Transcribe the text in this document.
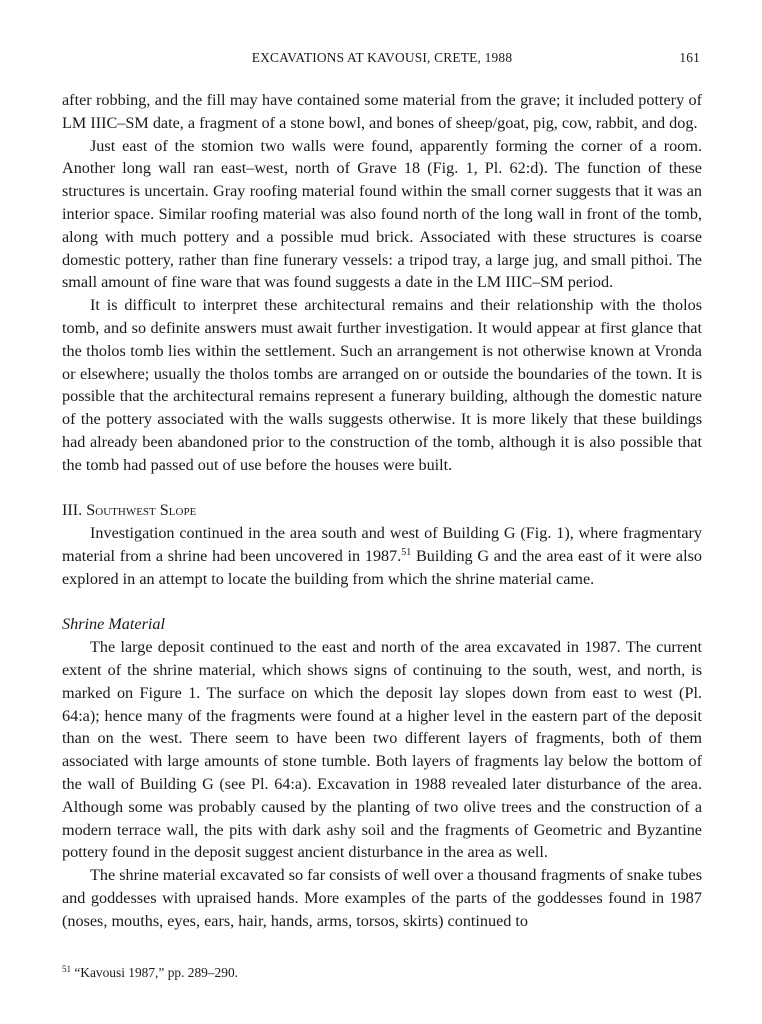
EXCAVATIONS AT KAVOUSI, CRETE, 1988	161

after robbing, and the fill may have contained some material from the grave; it included pottery of LM IIIC–SM date, a fragment of a stone bowl, and bones of sheep/goat, pig, cow, rabbit, and dog.

Just east of the stomion two walls were found, apparently forming the corner of a room. Another long wall ran east–west, north of Grave 18 (Fig. 1, Pl. 62:d). The function of these structures is uncertain. Gray roofing material found within the small corner suggests that it was an interior space. Similar roofing material was also found north of the long wall in front of the tomb, along with much pottery and a possible mud brick. Associated with these structures is coarse domestic pottery, rather than fine funerary vessels: a tripod tray, a large jug, and small pithoi. The small amount of fine ware that was found suggests a date in the LM IIIC–SM period.

It is difficult to interpret these architectural remains and their relationship with the tholos tomb, and so definite answers must await further investigation. It would appear at first glance that the tholos tomb lies within the settlement. Such an arrangement is not otherwise known at Vronda or elsewhere; usually the tholos tombs are arranged on or outside the boundaries of the town. It is possible that the architectural remains represent a funerary building, although the domestic nature of the pottery associated with the walls suggests otherwise. It is more likely that these buildings had already been abandoned prior to the construction of the tomb, although it is also possible that the tomb had passed out of use before the houses were built.

III. Southwest Slope

Investigation continued in the area south and west of Building G (Fig. 1), where fragmentary material from a shrine had been uncovered in 1987.51 Building G and the area east of it were also explored in an attempt to locate the building from which the shrine material came.

Shrine Material

The large deposit continued to the east and north of the area excavated in 1987. The current extent of the shrine material, which shows signs of continuing to the south, west, and north, is marked on Figure 1. The surface on which the deposit lay slopes down from east to west (Pl. 64:a); hence many of the fragments were found at a higher level in the eastern part of the deposit than on the west. There seem to have been two different layers of fragments, both of them associated with large amounts of stone tumble. Both layers of fragments lay below the bottom of the wall of Building G (see Pl. 64:a). Excavation in 1988 revealed later disturbance of the area. Although some was probably caused by the planting of two olive trees and the construction of a modern terrace wall, the pits with dark ashy soil and the fragments of Geometric and Byzantine pottery found in the deposit suggest ancient disturbance in the area as well.

The shrine material excavated so far consists of well over a thousand fragments of snake tubes and goddesses with upraised hands. More examples of the parts of the goddesses found in 1987 (noses, mouths, eyes, ears, hair, hands, arms, torsos, skirts) continued to

$^{51}$ “Kavousi 1987,” pp. 289–290.
